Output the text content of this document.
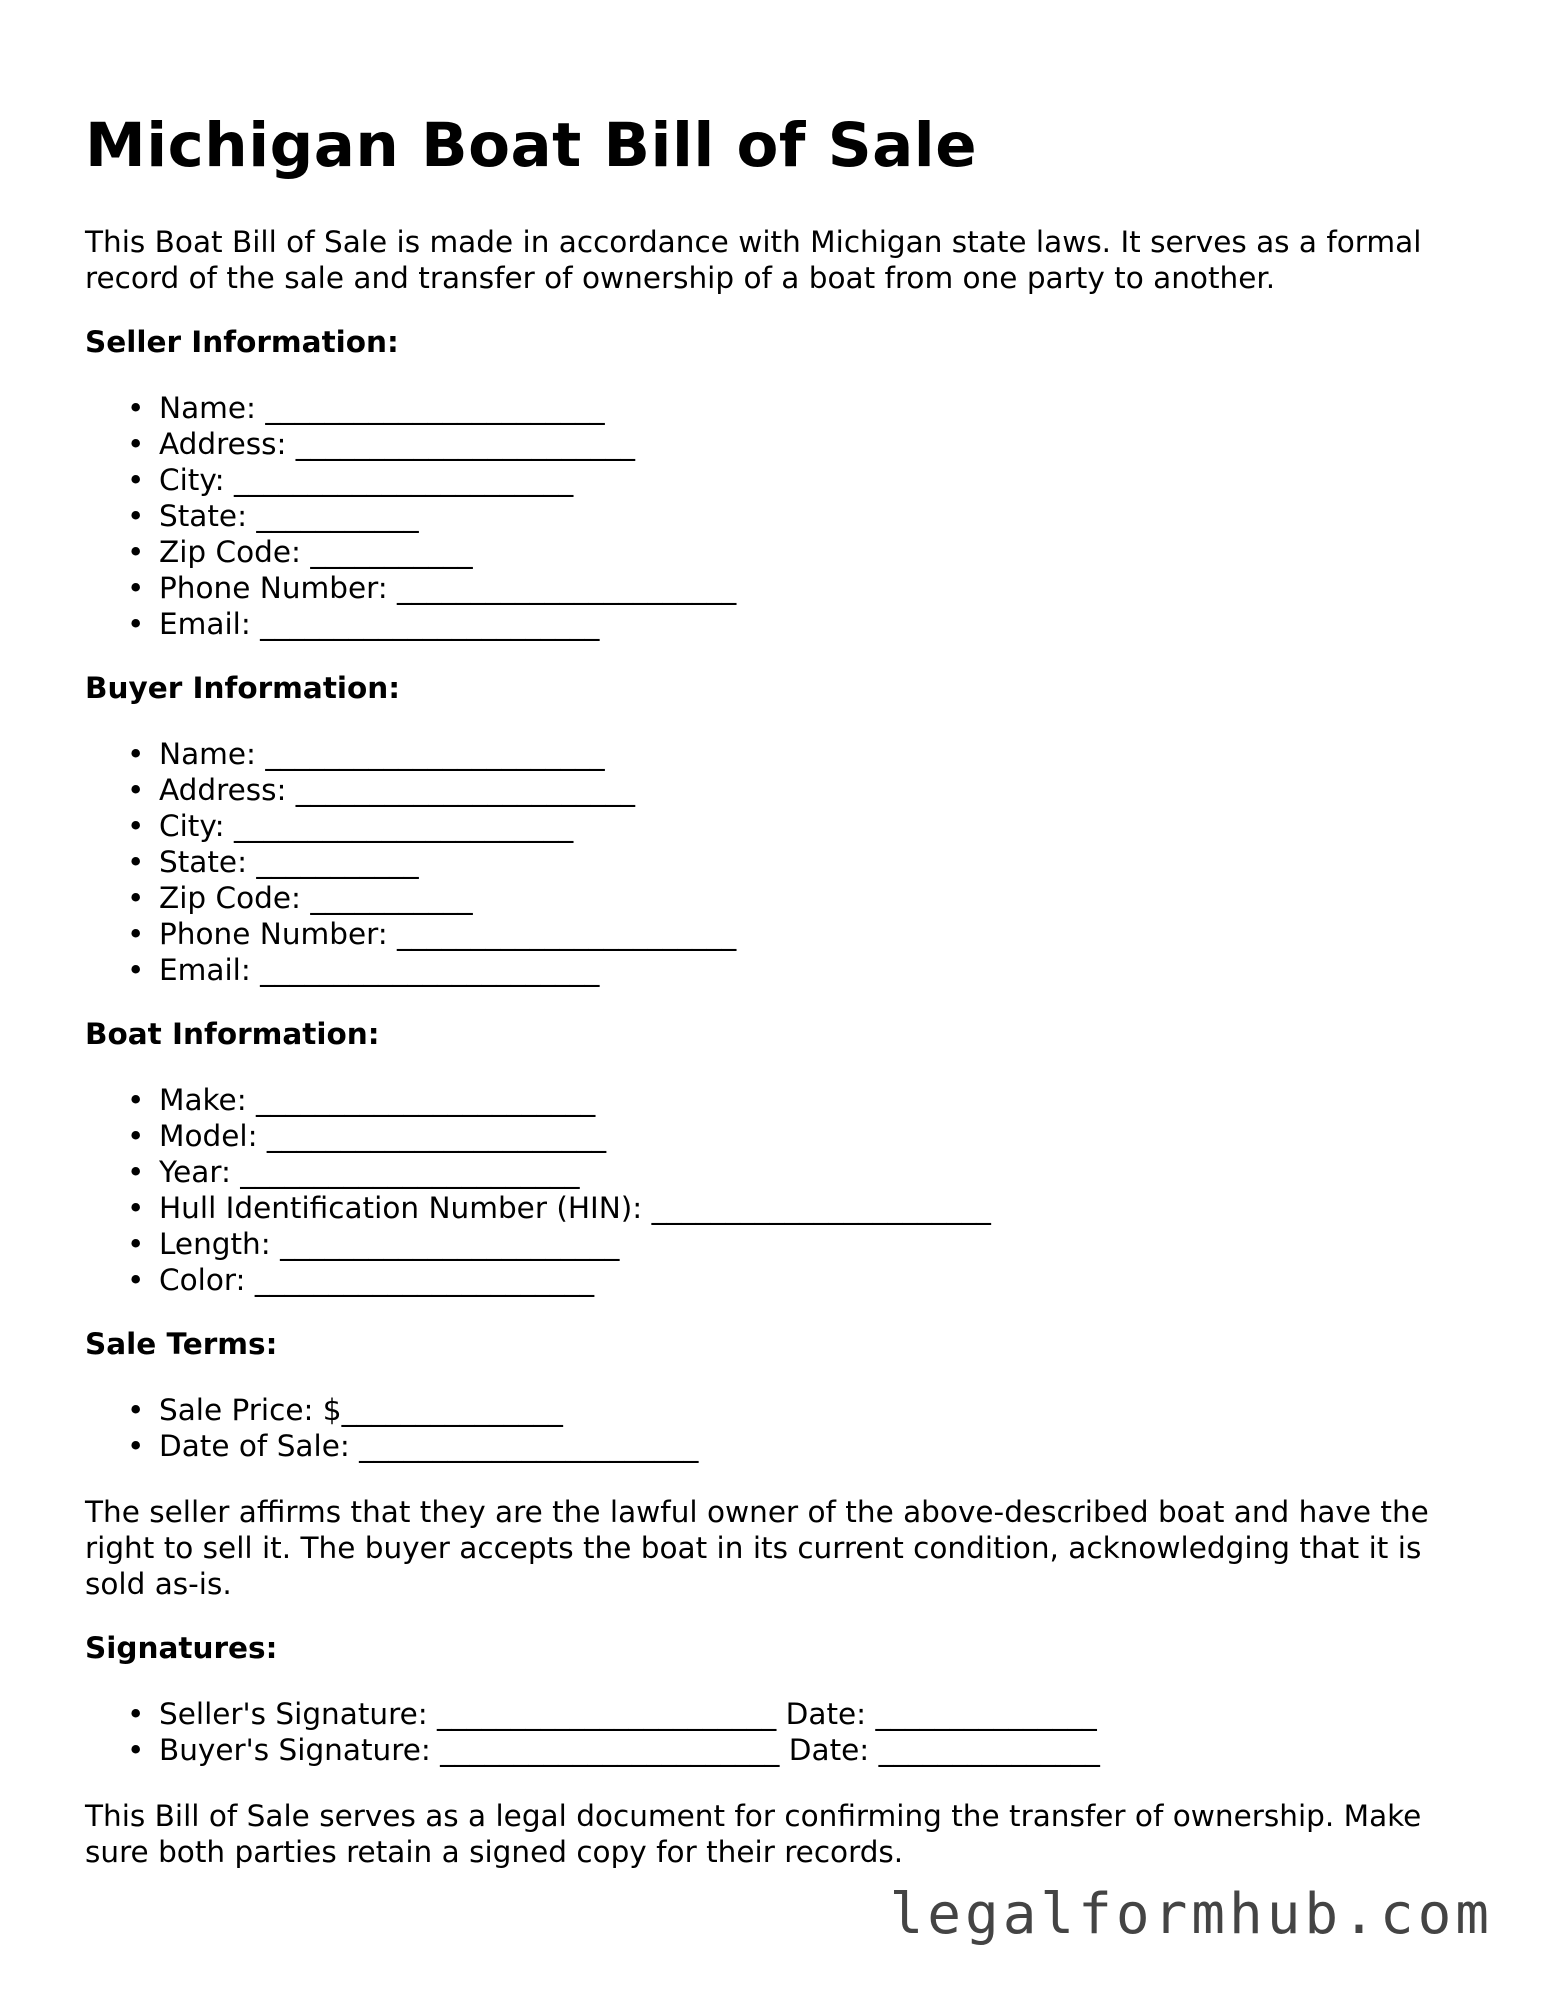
Michigan Boat Bill of Sale

This Boat Bill of Sale is made in accordance with Michigan state laws. It serves as a formal record of the sale and transfer of ownership of a boat from one party to another.

Seller Information:
• Name: _______________________
• Address: _______________________
• City: _______________________
• State: ___________
• Zip Code: ___________
• Phone Number: _______________________
• Email: _______________________
Buyer Information:
• Name: _______________________
• Address: _______________________
• City: _______________________
• State: ___________
• Zip Code: ___________
• Phone Number: _______________________
• Email: _______________________
Boat Information:
• Make: _______________________
• Model: _______________________
• Year: _______________________
• Hull Identification Number (HIN): _______________________
• Length: _______________________
• Color: _______________________
Sale Terms:
• Sale Price: $_______________
• Date of Sale: _______________________

The seller affirms that they are the lawful owner of the above-described boat and have the right to sell it. The buyer accepts the boat in its current condition, acknowledging that it is sold as-is.

Signatures:
• Seller's Signature: _______________________ Date: _______________
• Buyer's Signature: _______________________ Date: _______________

This Bill of Sale serves as a legal document for confirming the transfer of ownership. Make sure both parties retain a signed copy for their records.

legalformhub.com
